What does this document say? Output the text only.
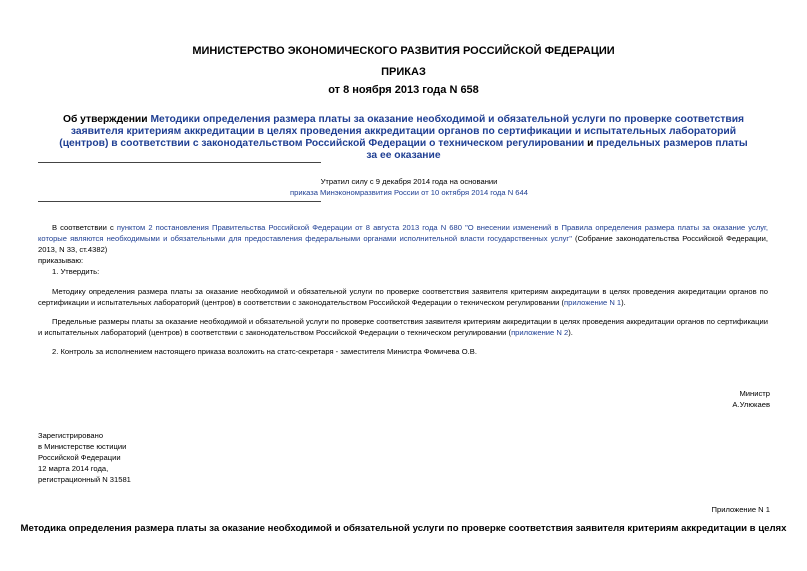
МИНИСТЕРСТВО ЭКОНОМИЧЕСКОГО РАЗВИТИЯ РОССИЙСКОЙ ФЕДЕРАЦИИ
ПРИКАЗ
от 8 ноября 2013 года N 658
Об утверждении Методики определения размера платы за оказание необходимой и обязательной услуги по проверке соответствия заявителя критериям аккредитации в целях проведения аккредитации органов по сертификации и испытательных лабораторий (центров) в соответствии с законодательством Российской Федерации о техническом регулировании и предельных размеров платы за ее оказание
Утратил силу с 9 декабря 2014 года на основании
приказа Минэкономразвития России от 10 октября 2014 года N 644
В соответствии с пунктом 2 постановления Правительства Российской Федерации от 8 августа 2013 года N 680 "О внесении изменений в Правила определения размера платы за оказание услуг, которые являются необходимыми и обязательными для предоставления федеральными органами исполнительной власти государственных услуг" (Собрание законодательства Российской Федерации, 2013, N 33, ст.4382)
приказываю:
1. Утвердить:
Методику определения размера платы за оказание необходимой и обязательной услуги по проверке соответствия заявителя критериям аккредитации в целях проведения аккредитации органов по сертификации и испытательных лабораторий (центров) в соответствии с законодательством Российской Федерации о техническом регулировании (приложение N 1).
Предельные размеры платы за оказание необходимой и обязательной услуги по проверке соответствия заявителя критериям аккредитации в целях проведения аккредитации органов по сертификации и испытательных лабораторий (центров) в соответствии с законодательством Российской Федерации о техническом регулировании (приложение N 2).
2. Контроль за исполнением настоящего приказа возложить на статс-секретаря - заместителя Министра Фомичева О.В.
Министр
А.Улюкаев
Зарегистрировано
в Министерстве юстиции
Российской Федерации
12 марта 2014 года,
регистрационный N 31581
Приложение N 1
Методика определения размера платы за оказание необходимой и обязательной услуги по проверке соответствия заявителя критериям аккредитации в целях
